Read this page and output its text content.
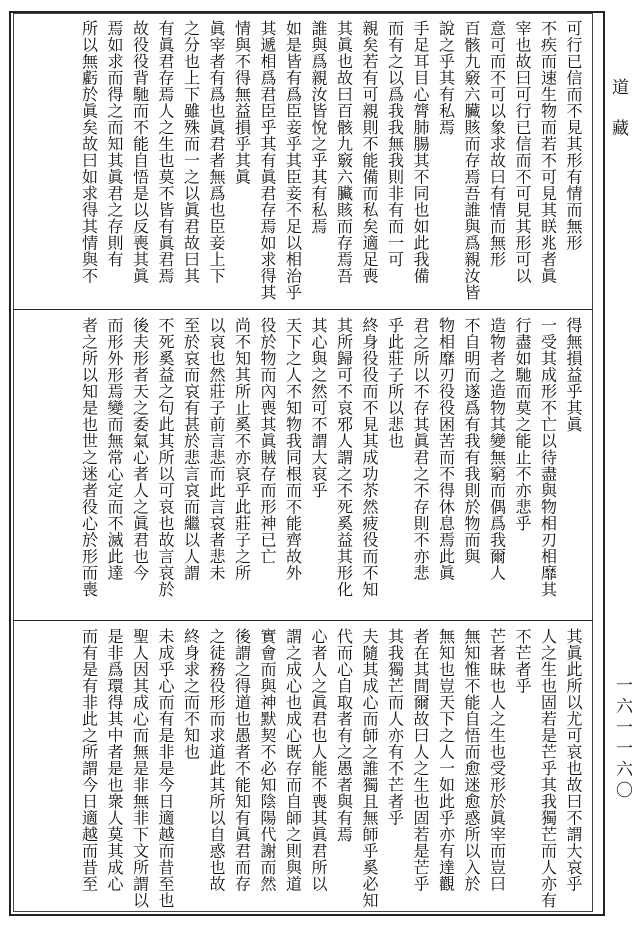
道藏
一六一一六〇
可行已信而不見其形有情而無形
不疾而速生物而若不可見其眹兆者眞
宰也故曰可行已信而不可見其形可以
意可而不可以象求故曰有情而無形
百骸九竅六臟賅而存焉吾誰與爲親汝皆
說之乎其有私焉
手足耳目心膂肺腸其不同也如此我備
而有之以爲我我無我則非有而一可
親矣若有可親則不能備而私矣適足喪
其眞也故曰百骸九竅六臟賅而存焉吾
誰與爲親汝皆悅之乎其有私焉
如是皆有爲臣妾乎其臣妾不足以相治乎
其遞相爲君臣乎其有眞君存焉如求得其
情與不得無益損乎其眞
眞宰者有爲也眞君者無爲也臣妾上下
之分也上下雖殊而一之以眞君故曰其
有眞君存焉人之生也莫不皆有眞君焉
故役役背馳而不能自悟是以反喪其眞
焉如求而得之而知其眞君之存則有
所以無虧於眞矣故曰如求得其情與不
得無損益乎其眞
一受其成形不亡以待盡與物相刃相靡其
行盡如馳而莫之能止不亦悲乎
造物者之造物其變無窮而偶爲我爾人
不自明而遂爲有我有我則於物而與
物相靡刃役役困苦而不得休息焉此眞
君之所以不存其眞君之不存則不亦悲
乎此莊子所以悲也
終身役役而不見其成功苶然疲役而不知
其所歸可不哀邪人謂之不死奚益其形化
其心與之然可不謂大哀乎
天下之人不知物我同根而不能齊故外
役於物而內喪其眞賊存而形神已亡
尚不知其所止奚不亦哀乎此莊子之所
以哀也然莊子前言悲而此言哀者悲未
至於哀而哀有甚於悲言哀而繼以人謂
不死奚益之句此其所以可哀也故言哀於
後夫形者天之委氣心者人之眞君也今
而形外形焉變而無常心定而不滅此達
者之所以知是也世之迷者役心於形而喪
其眞此所以尤可哀也故曰不謂大哀乎
人之生也固若是芒乎其我獨芒而人亦有
不芒者乎
芒者昧也人之生也受形於眞宰而豈曰
無知惟不能自悟而愈迷愈惑所以入於
無知也豈天下之人一如此乎亦有達觀
者在其間爾故曰人之生也固若是芒乎
其我獨芒而人亦有不芒者乎
夫隨其成心而師之誰獨且無師乎奚必知
代而心自取者有之愚者與有焉
心者人之眞君也人能不喪其眞君所以
謂之成心也成心既存而自師之則與道
實會而與神默契不必知陰陽代謝而然
後謂之得道也愚者不能知有眞君而存
之徒務役形而求道此其所以自惑也故
終身求之而不知也
未成乎心而有是非是今日適越而昔至也
聖人因其成心而無是非無非下文所謂以
是非爲環得其中者是也衆人莫其成心
而有是有非此之所謂今日適越而昔至
